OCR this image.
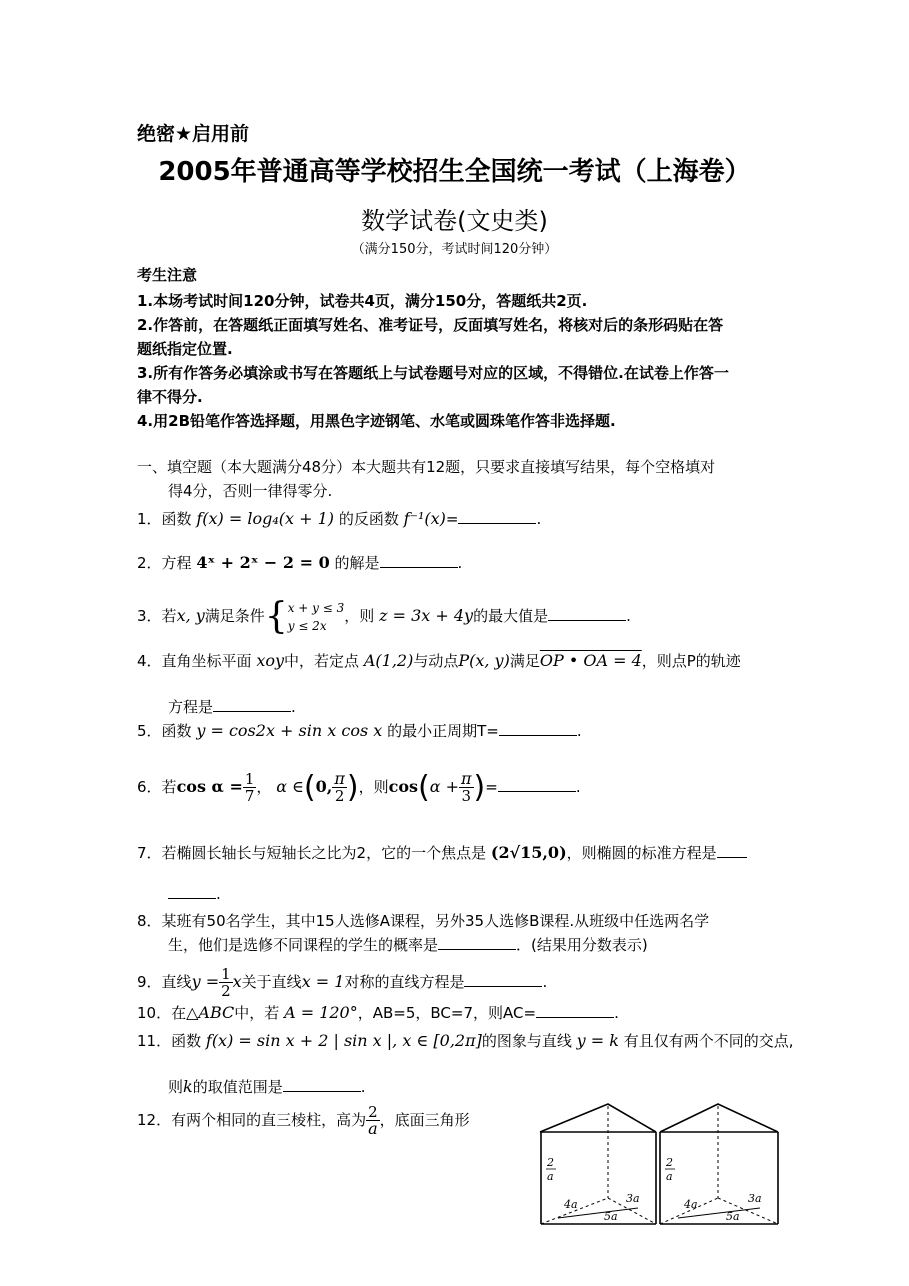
绝密★启用前
2005年普通高等学校招生全国统一考试（上海卷）
数学试卷(文史类)
（满分150分，考试时间120分钟）
考生注意
1.本场考试时间120分钟，试卷共4页，满分150分，答题纸共2页.
2.作答前，在答题纸正面填写姓名、准考证号，反面填写姓名，将核对后的条形码贴在答
题纸指定位置.
3.所有作答务必填涂或书写在答题纸上与试卷题号对应的区域，不得错位.在试卷上作答一
律不得分.
4.用2B铅笔作答选择题，用黑色字迹钢笔、水笔或圆珠笔作答非选择题.
一、填空题（本大题满分48分）本大题共有12题，只要求直接填写结果，每个空格填对
得4分，否则一律得零分.
1．函数 f(x) = log₄(x + 1) 的反函数 f⁻¹(x)=	.
2．方程 4ˣ + 2ˣ − 2 = 0 的解是	.
3．若x, y满足条件{ x + y ≤ 3
y ≤ 2x
，则 z = 3x + 4y的最大值是	.
4．直角坐标平面 xoy中，若定点 A(1,2)与动点P(x, y)满足OP • OA = 4，则点P的轨迹
方程是	.
5．函数 y = cos2x + sin x cos x 的最小正周期T=	.
6．若$\cos \alpha = \frac{1}{7}$ ， α ∈(0, $\frac{\pi}{2}$ )，则$\cos(\alpha + \frac{\pi}{3}$ )=	.
7．若椭圆长轴长与短轴长之比为2，它的一个焦点是 (2√15,0)，则椭圆的标准方程是
.
8．某班有50名学生，其中15人选修A课程，另外35人选修B课程.从班级中任选两名学
生，他们是选修不同课程的学生的概率是	．(结果用分数表示)
9．直线$y = \frac{1}{2}$ x关于直线x = 1对称的直线方程是	.
10．在△ABC中，若 A = 120°，AB=5，BC=7，则AC=	.
11．函数 f(x) = sin x + 2 | sin x |, x ∈ [0,2π]的图象与直线 y = k 有且仅有两个不同的交点,
则k的取值范围是	.
12．有两个相同的直三棱柱，高为 $\frac{2}{a}$ ，底面三角形
2
a
4a	3a
5a
2
a
4a	3a
5a
